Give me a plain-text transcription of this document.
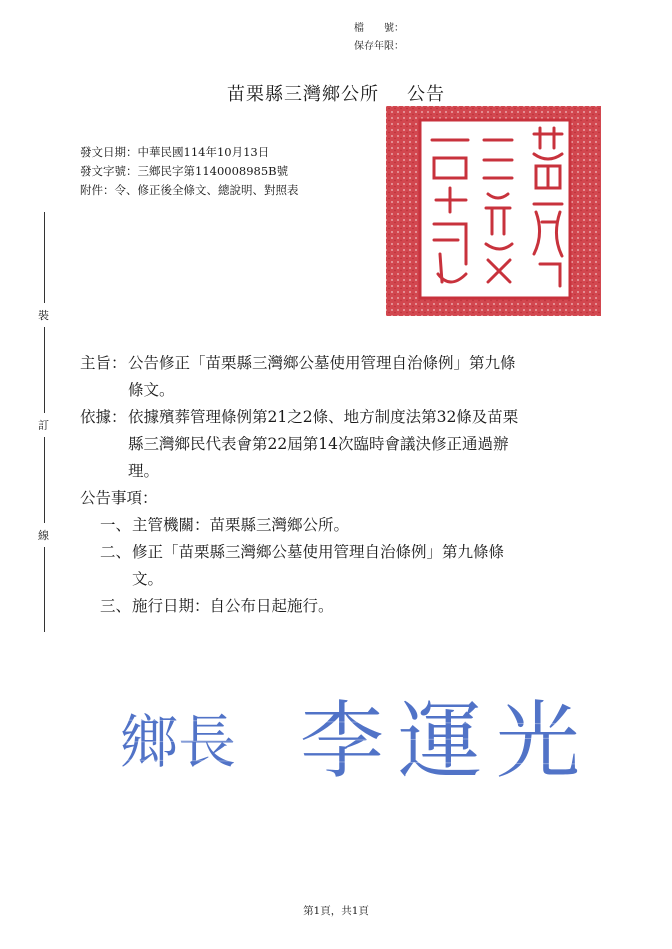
檔　　號：
保存年限：
苗栗縣三灣鄉公所 公告
發文日期：中華民國114年10月13日
發文字號：三鄉民字第1140008985B號
附件：令、修正後全條文、總說明、對照表
裝
訂
線
主旨： 公告修正「苗栗縣三灣鄉公墓使用管理自治條例」第九條
條文。
依據： 依據殯葬管理條例第21之2條、地方制度法第32條及苗栗
縣三灣鄉民代表會第22屆第14次臨時會議決修正通過辦
理。
公告事項：
一、 主管機關：苗栗縣三灣鄉公所。
二、 修正「苗栗縣三灣鄉公墓使用管理自治條例」第九條條
文。
三、 施行日期：自公布日起施行。
鄉長 李運光
第1頁，共1頁
